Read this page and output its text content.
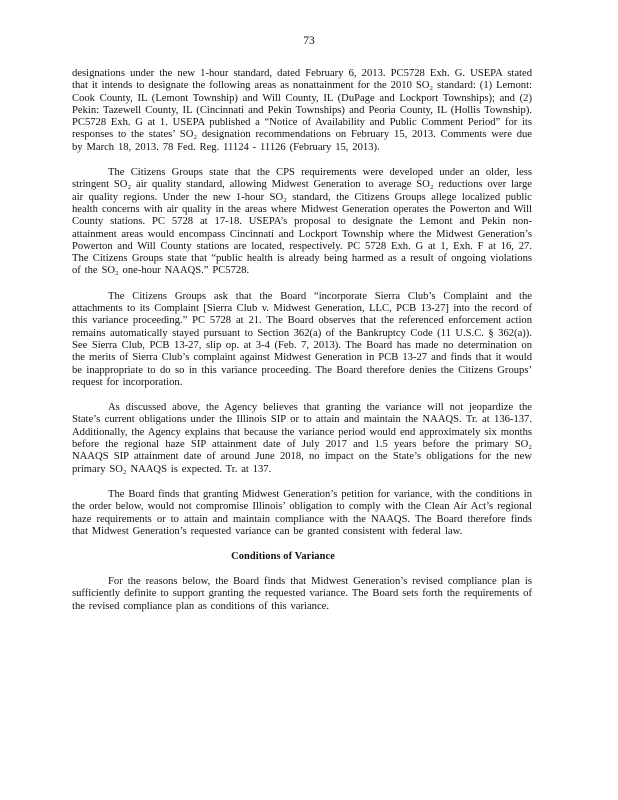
73

designations under the new 1-hour standard, dated February 6, 2013. PC5728 Exh. G. USEPA stated that it intends to designate the following areas as nonattainment for the 2010 SO₂ standard: (1) Lemont: Cook County, IL (Lemont Township) and Will County, IL (DuPage and Lockport Townships); and (2) Pekin: Tazewell County, IL (Cincinnati and Pekin Townships) and Peoria County, IL (Hollis Township). PC5728 Exh. G at 1. USEPA published a “Notice of Availability and Public Comment Period” for its responses to the states’ SO₂ designation recommendations on February 15, 2013. Comments were due by March 18, 2013. 78 Fed. Reg. 11124 - 11126 (February 15, 2013).

The Citizens Groups state that the CPS requirements were developed under an older, less stringent SO₂ air quality standard, allowing Midwest Generation to average SO₂ reductions over large air quality regions. Under the new 1-hour SO₂ standard, the Citizens Groups allege localized public health concerns with air quality in the areas where Midwest Generation operates the Powerton and Will County stations. PC 5728 at 17-18. USEPA’s proposal to designate the Lemont and Pekin non-attainment areas would encompass Cincinnati and Lockport Township where the Midwest Generation’s Powerton and Will County stations are located, respectively. PC 5728 Exh. G at 1, Exh. F at 16, 27. The Citizens Groups state that “public health is already being harmed as a result of ongoing violations of the SO₂ one-hour NAAQS.” PC5728.

The Citizens Groups ask that the Board “incorporate Sierra Club’s Complaint and the attachments to its Complaint [Sierra Club v. Midwest Generation, LLC, PCB 13-27] into the record of this variance proceeding.” PC 5728 at 21. The Board observes that the referenced enforcement action remains automatically stayed pursuant to Section 362(a) of the Bankruptcy Code (11 U.S.C. § 362(a)). See Sierra Club, PCB 13-27, slip op. at 3-4 (Feb. 7, 2013). The Board has made no determination on the merits of Sierra Club’s complaint against Midwest Generation in PCB 13-27 and finds that it would be inappropriate to do so in this variance proceeding. The Board therefore denies the Citizens Groups’ request for incorporation.

As discussed above, the Agency believes that granting the variance will not jeopardize the State’s current obligations under the Illinois SIP or to attain and maintain the NAAQS. Tr. at 136-137. Additionally, the Agency explains that because the variance period would end approximately six months before the regional haze SIP attainment date of July 2017 and 1.5 years before the primary SO₂ NAAQS SIP attainment date of around June 2018, no impact on the State’s obligations for the new primary SO₂ NAAQS is expected. Tr. at 137.

The Board finds that granting Midwest Generation’s petition for variance, with the conditions in the order below, would not compromise Illinois’ obligation to comply with the Clean Air Act’s regional haze requirements or to attain and maintain compliance with the NAAQS. The Board therefore finds that Midwest Generation’s requested variance can be granted consistent with federal law.

Conditions of Variance

For the reasons below, the Board finds that Midwest Generation’s revised compliance plan is sufficiently definite to support granting the requested variance. The Board sets forth the requirements of the revised compliance plan as conditions of this variance.
